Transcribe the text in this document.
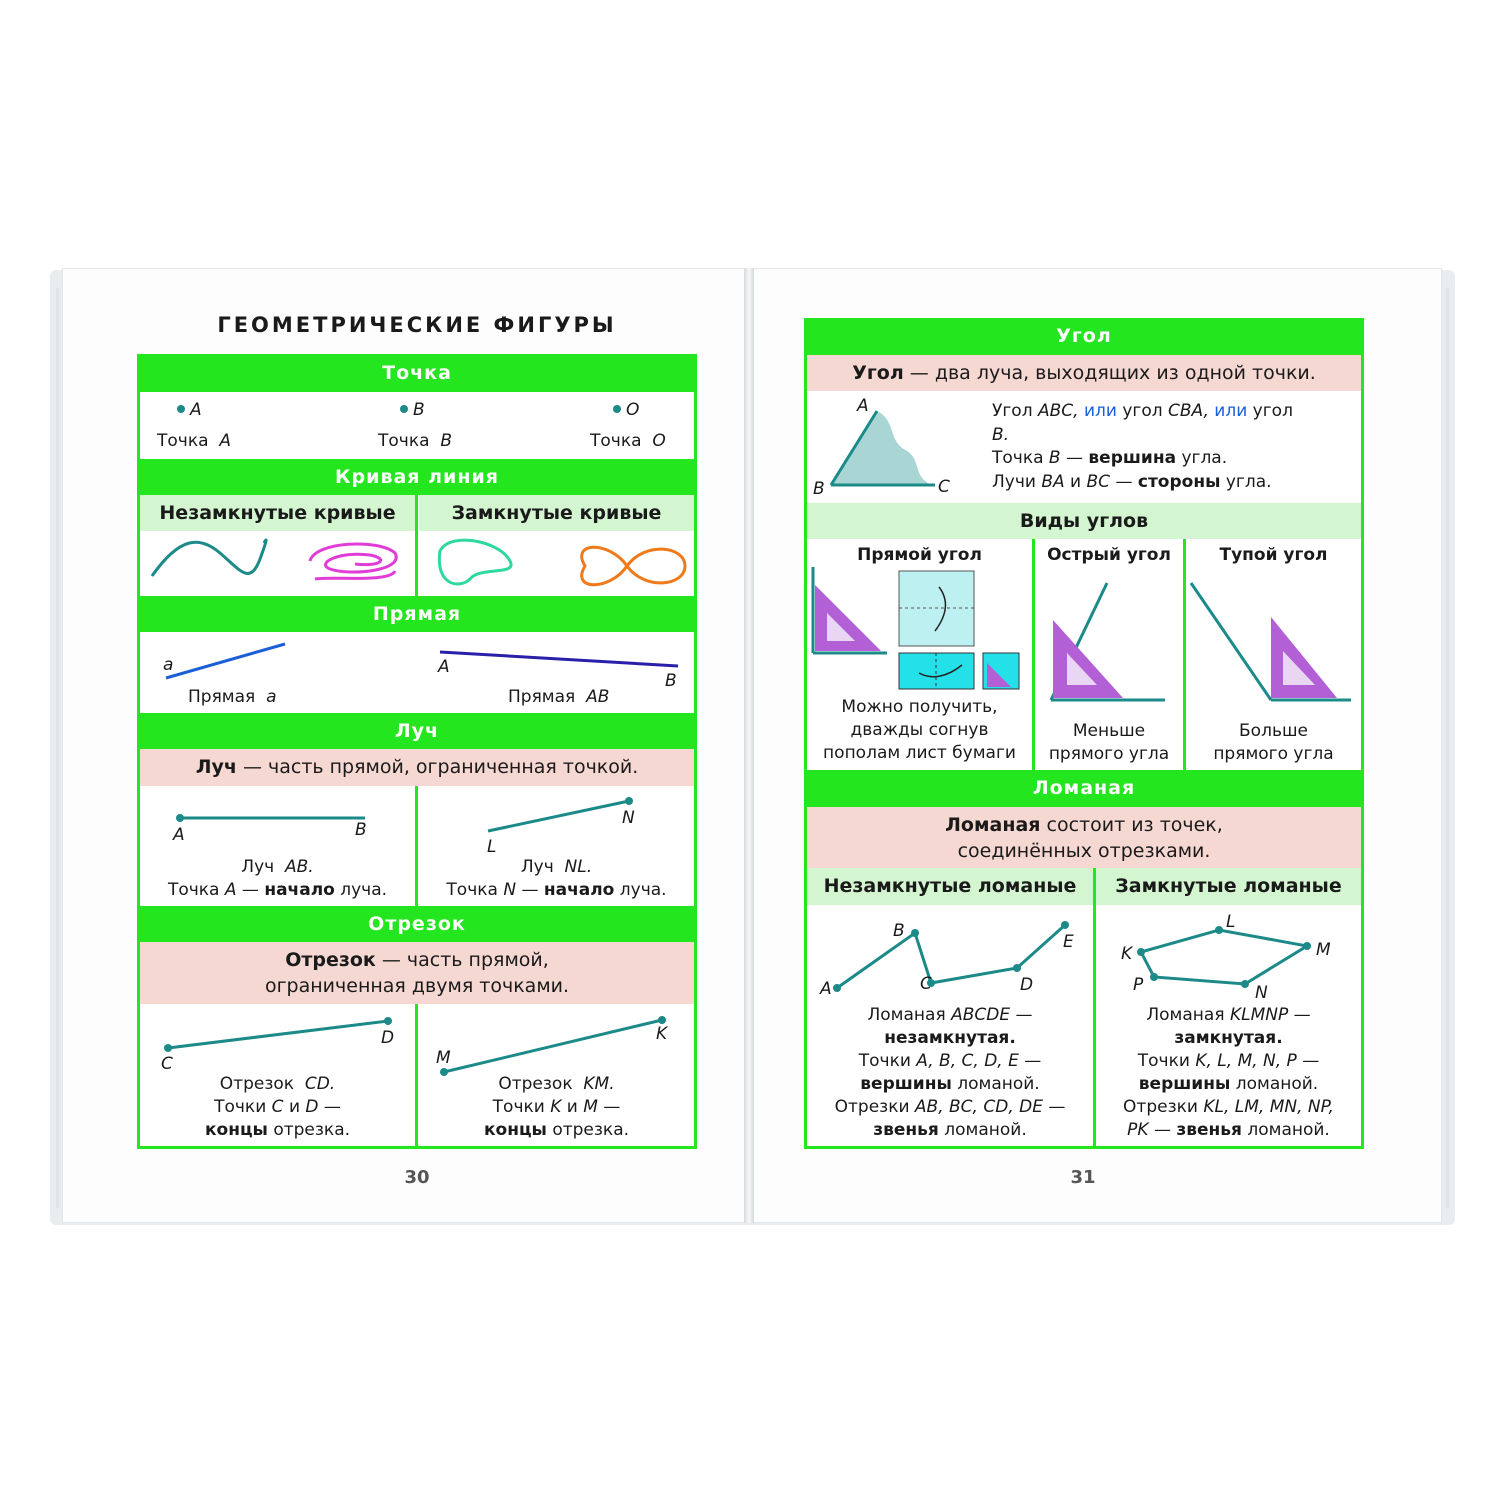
ГЕОМЕТРИЧЕСКИЕ ФИГУРЫ
Точка
A	B	O
Точка A	Точка B	Точка O
Кривая линия
Незамкнутые кривые	Замкнутые кривые
Прямая
a	A
B
Прямая a	Прямая AB
Луч
Луч — часть прямой, ограниченная точкой.
A	B
L
N
Луч AB.
Точка A — начало луча.
Луч NL.
Точка N — начало луча.
Отрезок
Отрезок — часть прямой,
ограниченная двумя точками.
C
D
M
K
Отрезок CD.
Точки C и D —
концы отрезка.
Отрезок KM.
Точки K и M —
концы отрезка.
30
Угол
Угол — два луча, выходящих из одной точки.
A
B	C
Угол ABC, или угол CBA, или угол
B.
Точка B — вершина угла.
Лучи BA и BC — стороны угла.
Виды углов
Прямой угол	Острый угол	Тупой угол
Можно получить,
дважды согнув
пополам лист бумаги
Меньше
прямого угла
Больше
прямого угла
Ломаная
Ломаная состоит из точек,
соединённых отрезками.
Незамкнутые ломаные	Замкнутые ломаные
A
B
C	D
E
K
L
M
N
P
Ломаная ABCDE —
незамкнутая.
Точки A, B, C, D, E —
вершины ломаной.
Отрезки AB, BC, CD, DE —
звенья ломаной.
Ломаная KLMNP —
замкнутая.
Точки K, L, M, N, P —
вершины ломаной.
Отрезки KL, LM, MN, NP,
PK — звенья ломаной.
31
